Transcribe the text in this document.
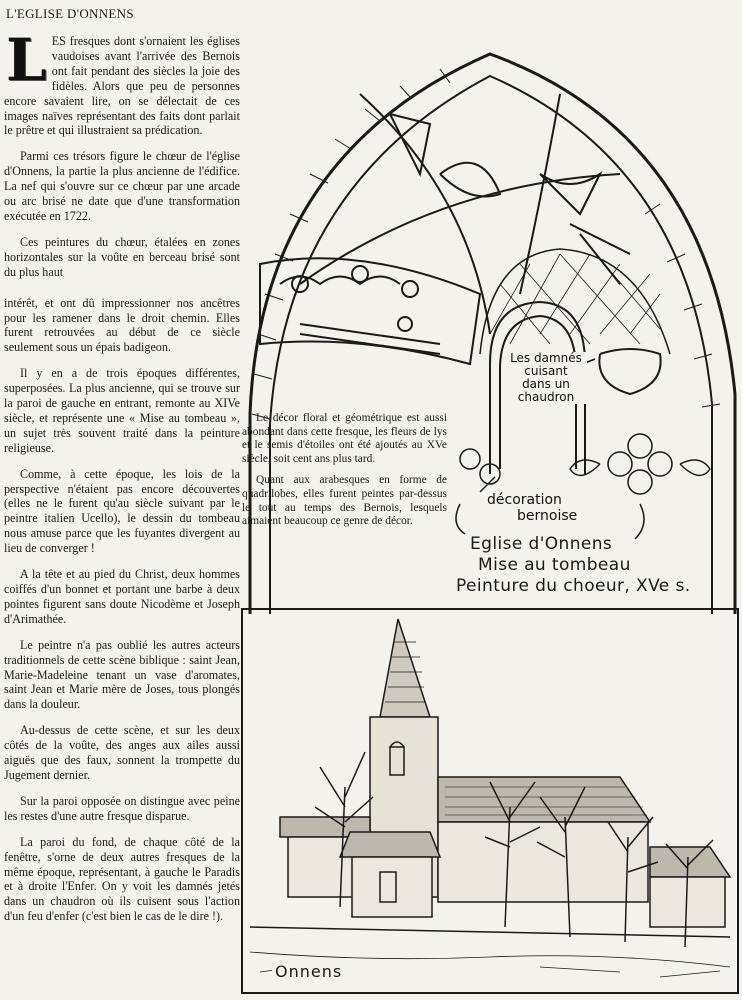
L'EGLISE D'ONNENS

LES fresques dont s'ornaient les églises vaudoises avant l'arrivée des Bernois ont fait pendant des siècles la joie des fidèles. Alors que peu de personnes encore savaient lire, on se délectait de ces images naïves représentant des faits dont parlait le prêtre et qui illustraient sa prédication.

Parmi ces trésors figure le chœur de l'église d'Onnens, la partie la plus ancienne de l'édifice. La nef qui s'ouvre sur ce chœur par une arcade ou arc brisé ne date que d'une transformation exécutée en 1722.

Ces peintures du chœur, étalées en zones horizontales sur la voûte en berceau brisé sont du plus haut

intérêt, et ont dû impressionner nos ancêtres pour les ramener dans le droit chemin. Elles furent retrouvées au début de ce siècle seulement sous un épais badigeon.

Il y en a de trois époques différentes, superposées. La plus ancienne, qui se trouve sur la paroi de gauche en entrant, remonte au XIVe siècle, et représente une « Mise au tombeau », un sujet très souvent traité dans la peinture religieuse.

Comme, à cette époque, les lois de la perspective n'étaient pas encore découvertes (elles ne le furent qu'au siècle suivant par le peintre italien Ucello), le dessin du tombeau nous amuse parce que les fuyantes divergent au lieu de converger !

A la tête et au pied du Christ, deux hommes coiffés d'un bonnet et portant une barbe à deux pointes figurent sans doute Nicodème et Joseph d'Arimathée.

Le peintre n'a pas oublié les autres acteurs traditionnels de cette scène biblique : saint Jean, Marie-Madeleine tenant un vase d'aromates, saint Jean et Marie mère de Joses, tous plongés dans la douleur.

Au-dessus de cette scène, et sur les deux côtés de la voûte, des anges aux ailes aussi aiguës que des faux, sonnent la trompette du Jugement dernier.

Sur la paroi opposée on distingue avec peine les restes d'une autre fresque disparue.

La paroi du fond, de chaque côté de la fenêtre, s'orne de deux autres fresques de la même époque, représentant, à gauche le Paradis et à droite l'Enfer. On y voit les damnés jetés dans un chaudron où ils cuisent sous l'action d'un feu d'enfer (c'est bien le cas de le dire !).

Les damnés
cuisant
dans un
chaudron
décoration
bernoise

Le décor floral et géométrique est aussi abondant dans cette fresque, les fleurs de lys et le semis d'étoiles ont été ajoutés au XVe siècle, soit cent ans plus tard.

Quant aux arabesques en forme de quadrilobes, elles furent peintes par-dessus le tout au temps des Bernois, lesquels aimaient beaucoup ce genre de décor.

Eglise d'Onnens
Mise au tombeau
Peinture du choeur, XVe s.
Onnens
